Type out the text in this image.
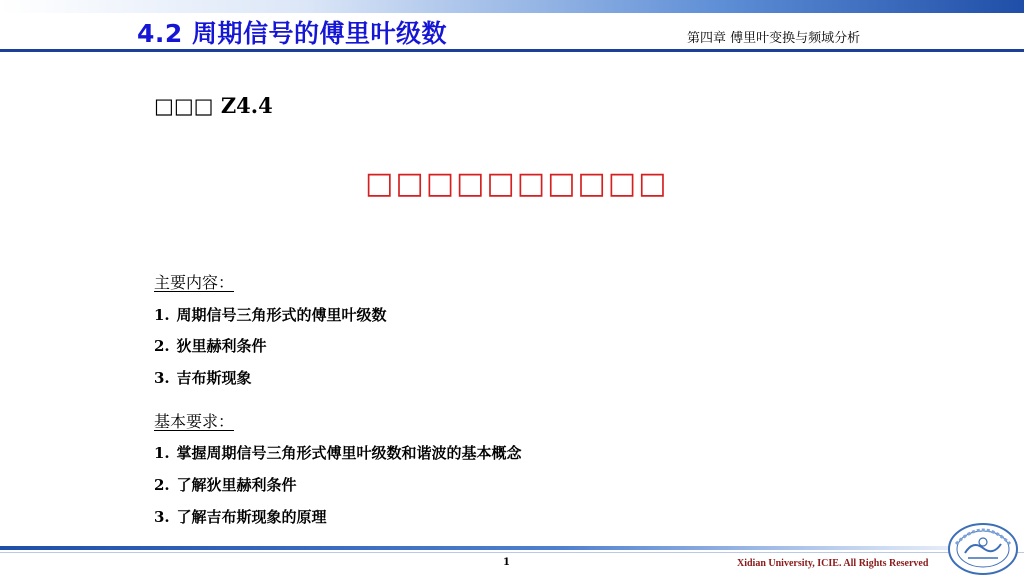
4.2 周期信号的傅里叶级数	第四章 傅里叶变换与频域分析
□□□ Z4.4
□□□□□□□□□□
主要内容：
1. 周期信号三角形式的傅里叶级数
2. 狄里赫利条件
3. 吉布斯现象
基本要求：
1. 掌握周期信号三角形式傅里叶级数和谐波的基本概念
2. 了解狄里赫利条件
3. 了解吉布斯现象的原理
1	Xidian University, ICIE. All Rights Reserved
